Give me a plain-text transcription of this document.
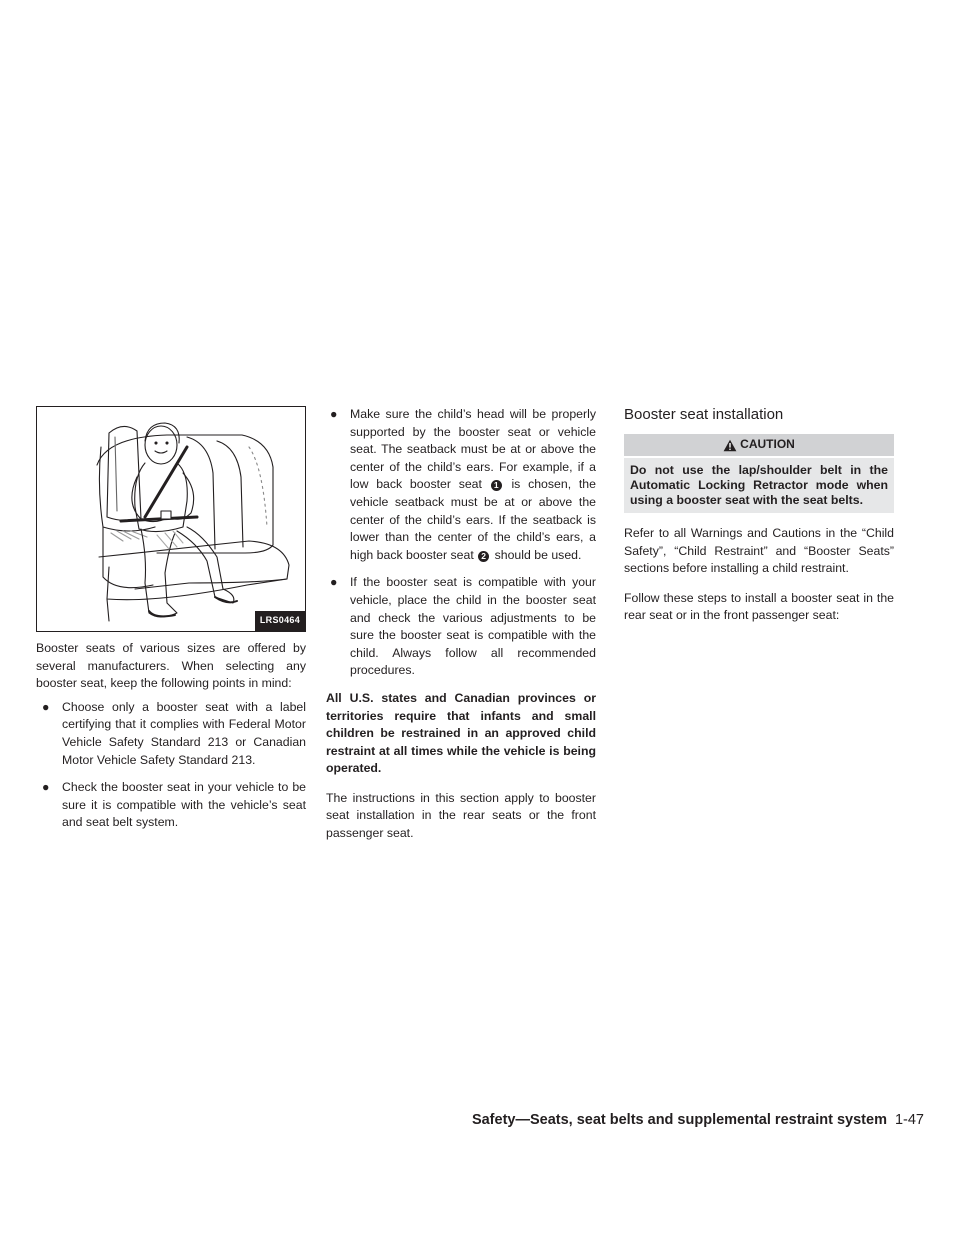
LRS0464

Booster seats of various sizes are offered by several manufacturers. When selecting any booster seat, keep the following points in mind:

● Choose only a booster seat with a label certifying that it complies with Federal Motor Vehicle Safety Standard 213 or Canadian Motor Vehicle Safety Standard 213.
● Check the booster seat in your vehicle to be sure it is compatible with the vehicle’s seat and seat belt system.
● Make sure the child’s head will be properly supported by the booster seat or vehicle seat. The seatback must be at or above the center of the child’s ears. For example, if a low back booster seat 1 is chosen, the vehicle seatback must be at or above the center of the child’s ears. If the seatback is lower than the center of the child’s ears, a high back booster seat 2 should be used.
● If the booster seat is compatible with your vehicle, place the child in the booster seat and check the various adjustments to be sure the booster seat is compatible with the child. Always follow all recommended procedures.

All U.S. states and Canadian provinces or territories require that infants and small children be restrained in an approved child restraint at all times while the vehicle is being operated.

The instructions in this section apply to booster seat installation in the rear seats or the front passenger seat.

Booster seat installation
CAUTION
Do not use the lap/shoulder belt in the Automatic Locking Retractor mode when using a booster seat with the seat belts.

Refer to all Warnings and Cautions in the “Child Safety”, “Child Restraint” and “Booster Seats” sections before installing a child restraint.

Follow these steps to install a booster seat in the rear seat or in the front passenger seat:

Safety—Seats, seat belts and supplemental restraint system 1-47
